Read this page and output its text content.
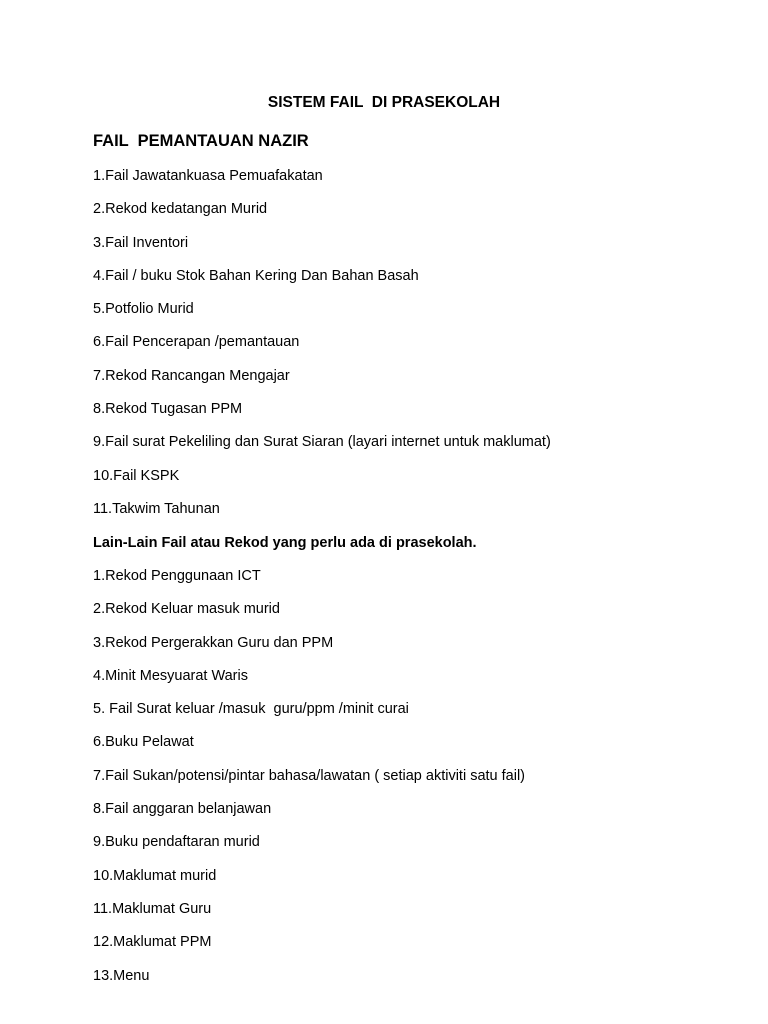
SISTEM FAIL  DI PRASEKOLAH
FAIL  PEMANTAUAN NAZIR
1.Fail Jawatankuasa Pemuafakatan
2.Rekod kedatangan Murid
3.Fail Inventori
4.Fail / buku Stok Bahan Kering Dan Bahan Basah
5.Potfolio Murid
6.Fail Pencerapan /pemantauan
7.Rekod Rancangan Mengajar
8.Rekod Tugasan PPM
9.Fail surat Pekeliling dan Surat Siaran (layari internet untuk maklumat)
10.Fail KSPK
11.Takwim Tahunan
Lain-Lain Fail atau Rekod yang perlu ada di prasekolah.
1.Rekod Penggunaan ICT
2.Rekod Keluar masuk murid
3.Rekod Pergerakkan Guru dan PPM
4.Minit Mesyuarat Waris
5. Fail Surat keluar /masuk  guru/ppm /minit curai
6.Buku Pelawat
7.Fail Sukan/potensi/pintar bahasa/lawatan ( setiap aktiviti satu fail)
8.Fail anggaran belanjawan
9.Buku pendaftaran murid
10.Maklumat murid
11.Maklumat Guru
12.Maklumat PPM
13.Menu
